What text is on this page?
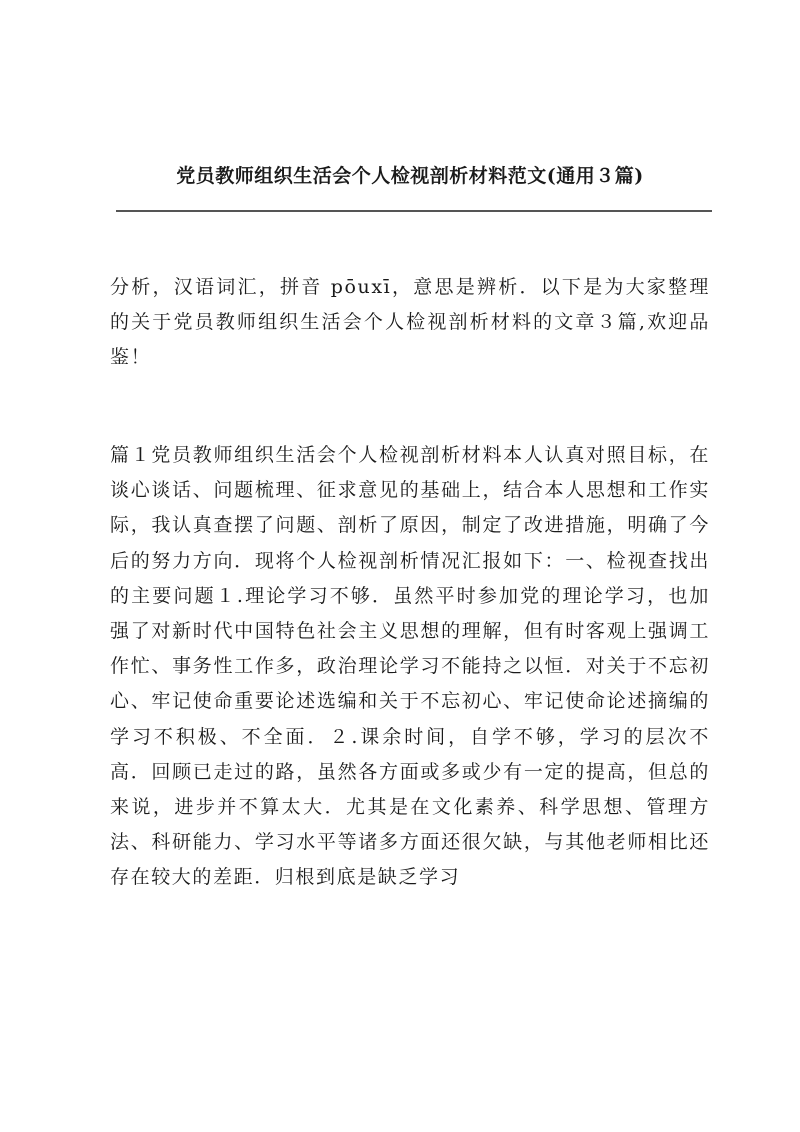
党员教师组织生活会个人检视剖析材料范文(通用３篇)

分析，汉语词汇，拼音 pōuxī，意思是辨析．以下是为大家整理的关于党员教师组织生活会个人检视剖析材料的文章３篇,欢迎品鉴！

篇１党员教师组织生活会个人检视剖析材料本人认真对照目标，在谈心谈话、问题梳理、征求意见的基础上，结合本人思想和工作实际，我认真查摆了问题、剖析了原因，制定了改进措施，明确了今后的努力方向．现将个人检视剖析情况汇报如下：一、检视查找出的主要问题１.理论学习不够．虽然平时参加党的理论学习，也加强了对新时代中国特色社会主义思想的理解，但有时客观上强调工作忙、事务性工作多，政治理论学习不能持之以恒．对关于不忘初心、牢记使命重要论述选编和关于不忘初心、牢记使命论述摘编的学习不积极、不全面．２.课余时间，自学不够，学习的层次不高．回顾已走过的路，虽然各方面或多或少有一定的提高，但总的来说，进步并不算太大．尤其是在文化素养、科学思想、管理方法、科研能力、学习水平等诸多方面还很欠缺，与其他老师相比还存在较大的差距．归根到底是缺乏学习
